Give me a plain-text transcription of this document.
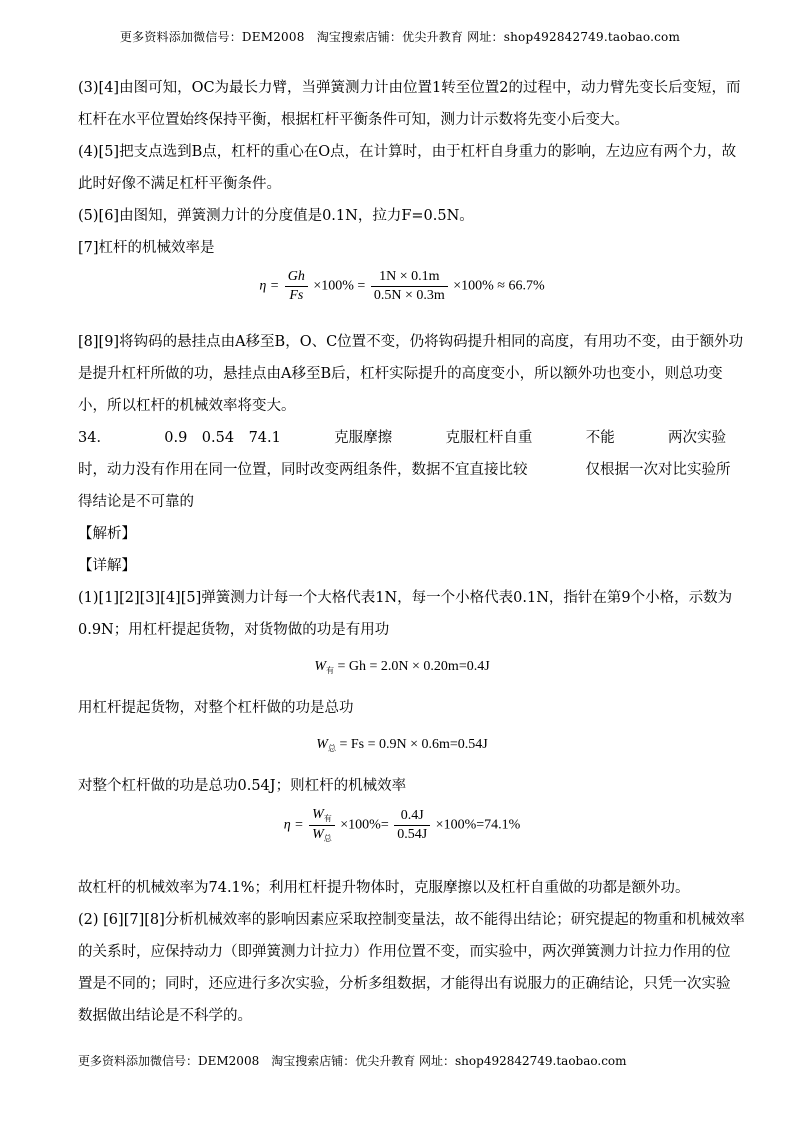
更多资料添加微信号：DEM2008　淘宝搜索店铺：优尖升教育 网址：shop492842749.taobao.com

(3)[4]由图可知，OC为最长力臂，当弹簧测力计由位置1转至位置2的过程中，动力臂先变长后变短，而

杠杆在水平位置始终保持平衡，根据杠杆平衡条件可知，测力计示数将先变小后变大。

(4)[5]把支点选到B点，杠杆的重心在O点，在计算时，由于杠杆自身重力的影响，左边应有两个力，故

此时好像不满足杠杆平衡条件。

(5)[6]由图知，弹簧测力计的分度值是0.1N，拉力F=0.5N。

[7]杠杆的机械效率是

$\eta = \frac{Gh}{Fs} \times 100\% = \frac{1N \times 0.1m}{0.5N \times 0.3m} \times 100\% \approx 66.7\%$

[8][9]将钩码的悬挂点由A移至B，O、C位置不变，仍将钩码提升相同的高度，有用功不变，由于额外功

是提升杠杆所做的功，悬挂点由A移至B后，杠杆实际提升的高度变小，所以额外功也变小，则总功变

小，所以杠杆的机械效率将变大。

34．	0.9　0.54　74.1	克服摩擦	克服杠杆自重	不能	两次实验

时，动力没有作用在同一位置，同时改变两组条件，数据不宜直接比较　　　　仅根据一次对比实验所

得结论是不可靠的

【解析】

【详解】

(1)[1][2][3][4][5]弹簧测力计每一个大格代表1N，每一个小格代表0.1N，指针在第9个小格，示数为

0.9N；用杠杆提起货物，对货物做的功是有用功

$W_有 = Gh = 2.0N \times 0.20m=0.4J$

用杠杆提起货物，对整个杠杆做的功是总功

$W_总 = Fs = 0.9N \times 0.6m=0.54J$

对整个杠杆做的功是总功0.54J；则杠杆的机械效率

$\eta = \frac{W_有}{W_总} \times 100\%= \frac{0.4J}{0.54J} \times 100\%=74.1\%$

故杠杆的机械效率为74.1%；利用杠杆提升物体时，克服摩擦以及杠杆自重做的功都是额外功。

(2) [6][7][8]分析机械效率的影响因素应采取控制变量法，故不能得出结论；研究提起的物重和机械效率

的关系时，应保持动力（即弹簧测力计拉力）作用位置不变，而实验中，两次弹簧测力计拉力作用的位

置是不同的；同时，还应进行多次实验，分析多组数据，才能得出有说服力的正确结论，只凭一次实验

数据做出结论是不科学的。

更多资料添加微信号：DEM2008　淘宝搜索店铺：优尖升教育 网址：shop492842749.taobao.com
